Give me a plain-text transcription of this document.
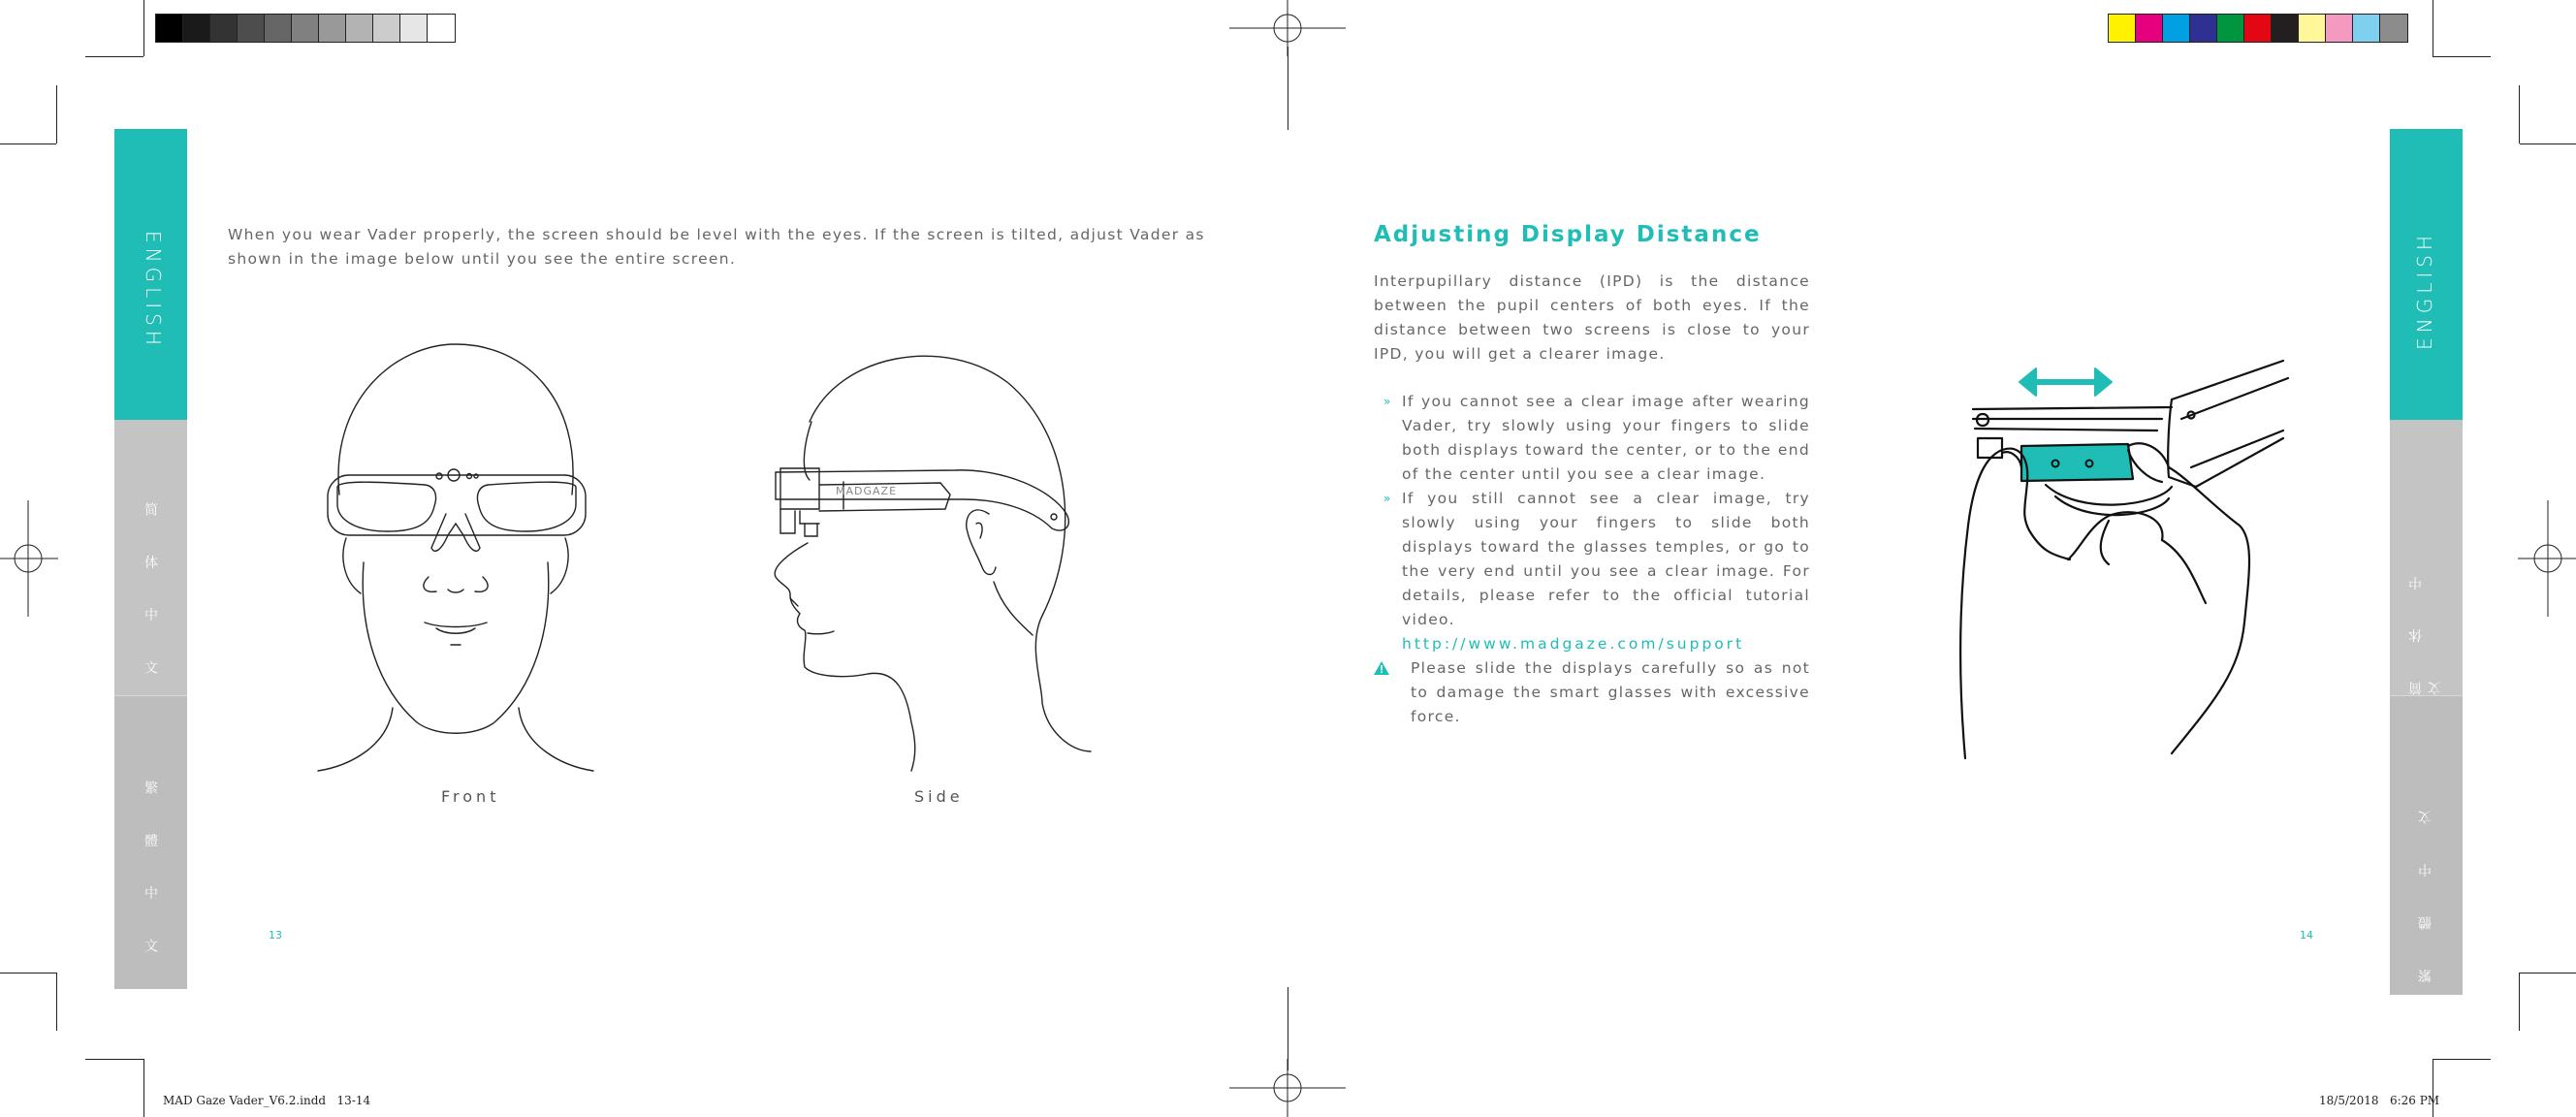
ENGLISH
简 体 中 文
繁 體 中 文
When you wear Vader properly, the screen should be level with the eyes. If the screen is tilted, adjust Vader as shown in the image below until you see the entire screen.
Front
MADGAZE
Side
13
Adjusting Display Distance
Interpupillary distance (IPD) is the distance between the pupil centers of both eyes. If the distance between two screens is close to your IPD, you will get a clearer image.
» If you cannot see a clear image after wearing Vader, try slowly using your fingers to slide both displays toward the center, or to the end of the center until you see a clear image.
» If you still cannot see a clear image, try slowly using your fingers to slide both displays toward the glasses temples, or go to the very end until you see a clear image. For details, please refer to the official tutorial video.
http://www.madgaze.com/support
Please slide the displays carefully so as not to damage the smart glasses with excessive force.
ENGLISH
简 体 中 文
繁 體 中 文
14
MAD Gaze Vader_V6.2.indd   13-14	18/5/2018   6:26 PM
